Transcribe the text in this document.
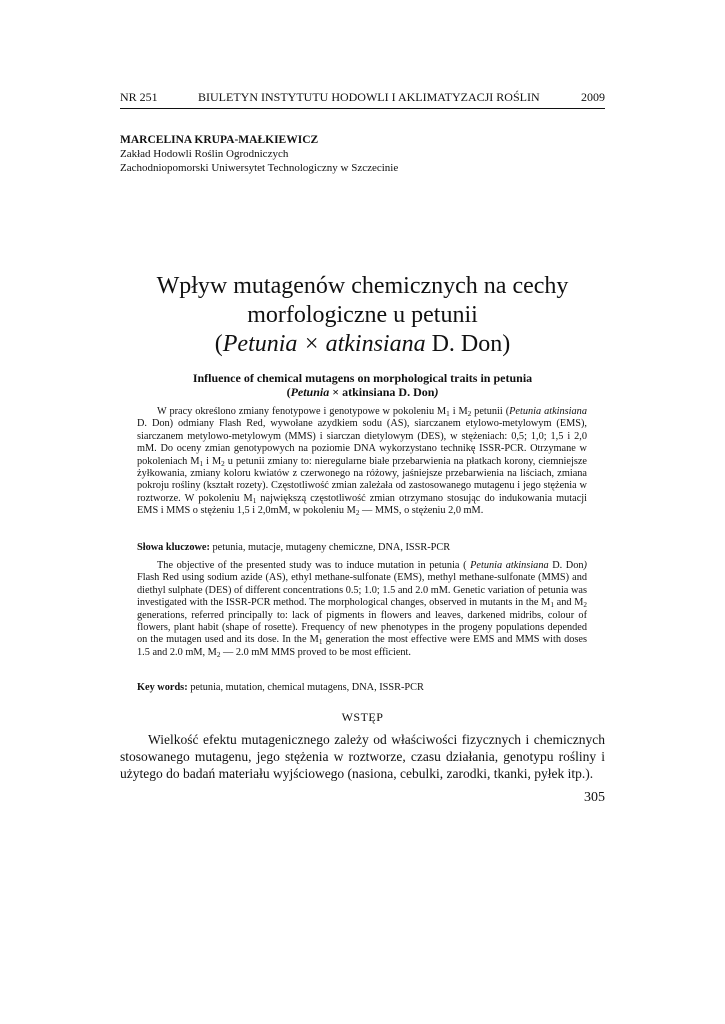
NR 251	BIULETYN INSTYTUTU HODOWLI I AKLIMATYZACJI ROŚLIN	2009
MARCELINA KRUPA-MAŁKIEWICZ
Zakład Hodowli Roślin Ogrodniczych
Zachodniopomorski Uniwersytet Technologiczny w Szczecinie
Wpływ mutagenów chemicznych na cechy
morfologiczne u petunii
(Petunia × atkinsiana D. Don)
Influence of chemical mutagens on morphological traits in petunia
(Petunia × atkinsiana D. Don)

W pracy określono zmiany fenotypowe i genotypowe w pokoleniu $M_1$ i $M_2$ petunii (Petunia atkinsiana D. Don) odmiany Flash Red, wywołane azydkiem sodu (AS), siarczanem etylowo-metylowym (EMS), siarczanem metylowo-metylowym (MMS) i siarczan dietylowym (DES), w stężeniach: 0,5; 1,0; 1,5 i 2,0 mM. Do oceny zmian genotypowych na poziomie DNA wykorzystano technikę ISSR-PCR. Otrzymane w pokoleniach $M_1$ i $M_2$ u petunii zmiany to: nieregularne białe przebarwienia na płatkach korony, ciemniejsze żyłkowania, zmiany koloru kwiatów z czerwonego na różowy, jaśniejsze przebarwienia na liściach, zmiana pokroju rośliny (kształt rozety). Częstotliwość zmian zależała od zastosowanego mutagenu i jego stężenia w roztworze. W pokoleniu $M_1$ największą częstotliwość zmian otrzymano stosując do indukowania mutacji EMS i MMS o stężeniu 1,5 i 2,0mM, w pokoleniu $M_2$ — MMS, o stężeniu 2,0 mM.

Słowa kluczowe: petunia, mutacje, mutageny chemiczne, DNA, ISSR-PCR

The objective of the presented study was to induce mutation in petunia ( Petunia atkinsiana D. Don) Flash Red using sodium azide (AS), ethyl methane-sulfonate (EMS), methyl methane-sulfonate (MMS) and diethyl sulphate (DES) of different concentrations 0.5; 1.0; 1.5 and 2.0 mM. Genetic variation of petunia was investigated with the ISSR-PCR method. The morphological changes, observed in mutants in the $M_1$ and $M_2$ generations, referred principally to: lack of pigments in flowers and leaves, darkened midribs, colour of flowers, plant habit (shape of rosette). Frequency of new phenotypes in the progeny populations depended on the mutagen used and its dose. In the $M_1$ generation the most effective were EMS and MMS with doses 1.5 and 2.0 mM, $M_2$ — 2.0 mM MMS proved to be most efficient.

Key words: petunia, mutation, chemical mutagens, DNA, ISSR-PCR
WSTĘP

Wielkość efektu mutagenicznego zależy od właściwości fizycznych i chemicznych stosowanego mutagenu, jego stężenia w roztworze, czasu działania, genotypu rośliny i użytego do badań materiału wyjściowego (nasiona, cebulki, zarodki, tkanki, pyłek itp.).

305
